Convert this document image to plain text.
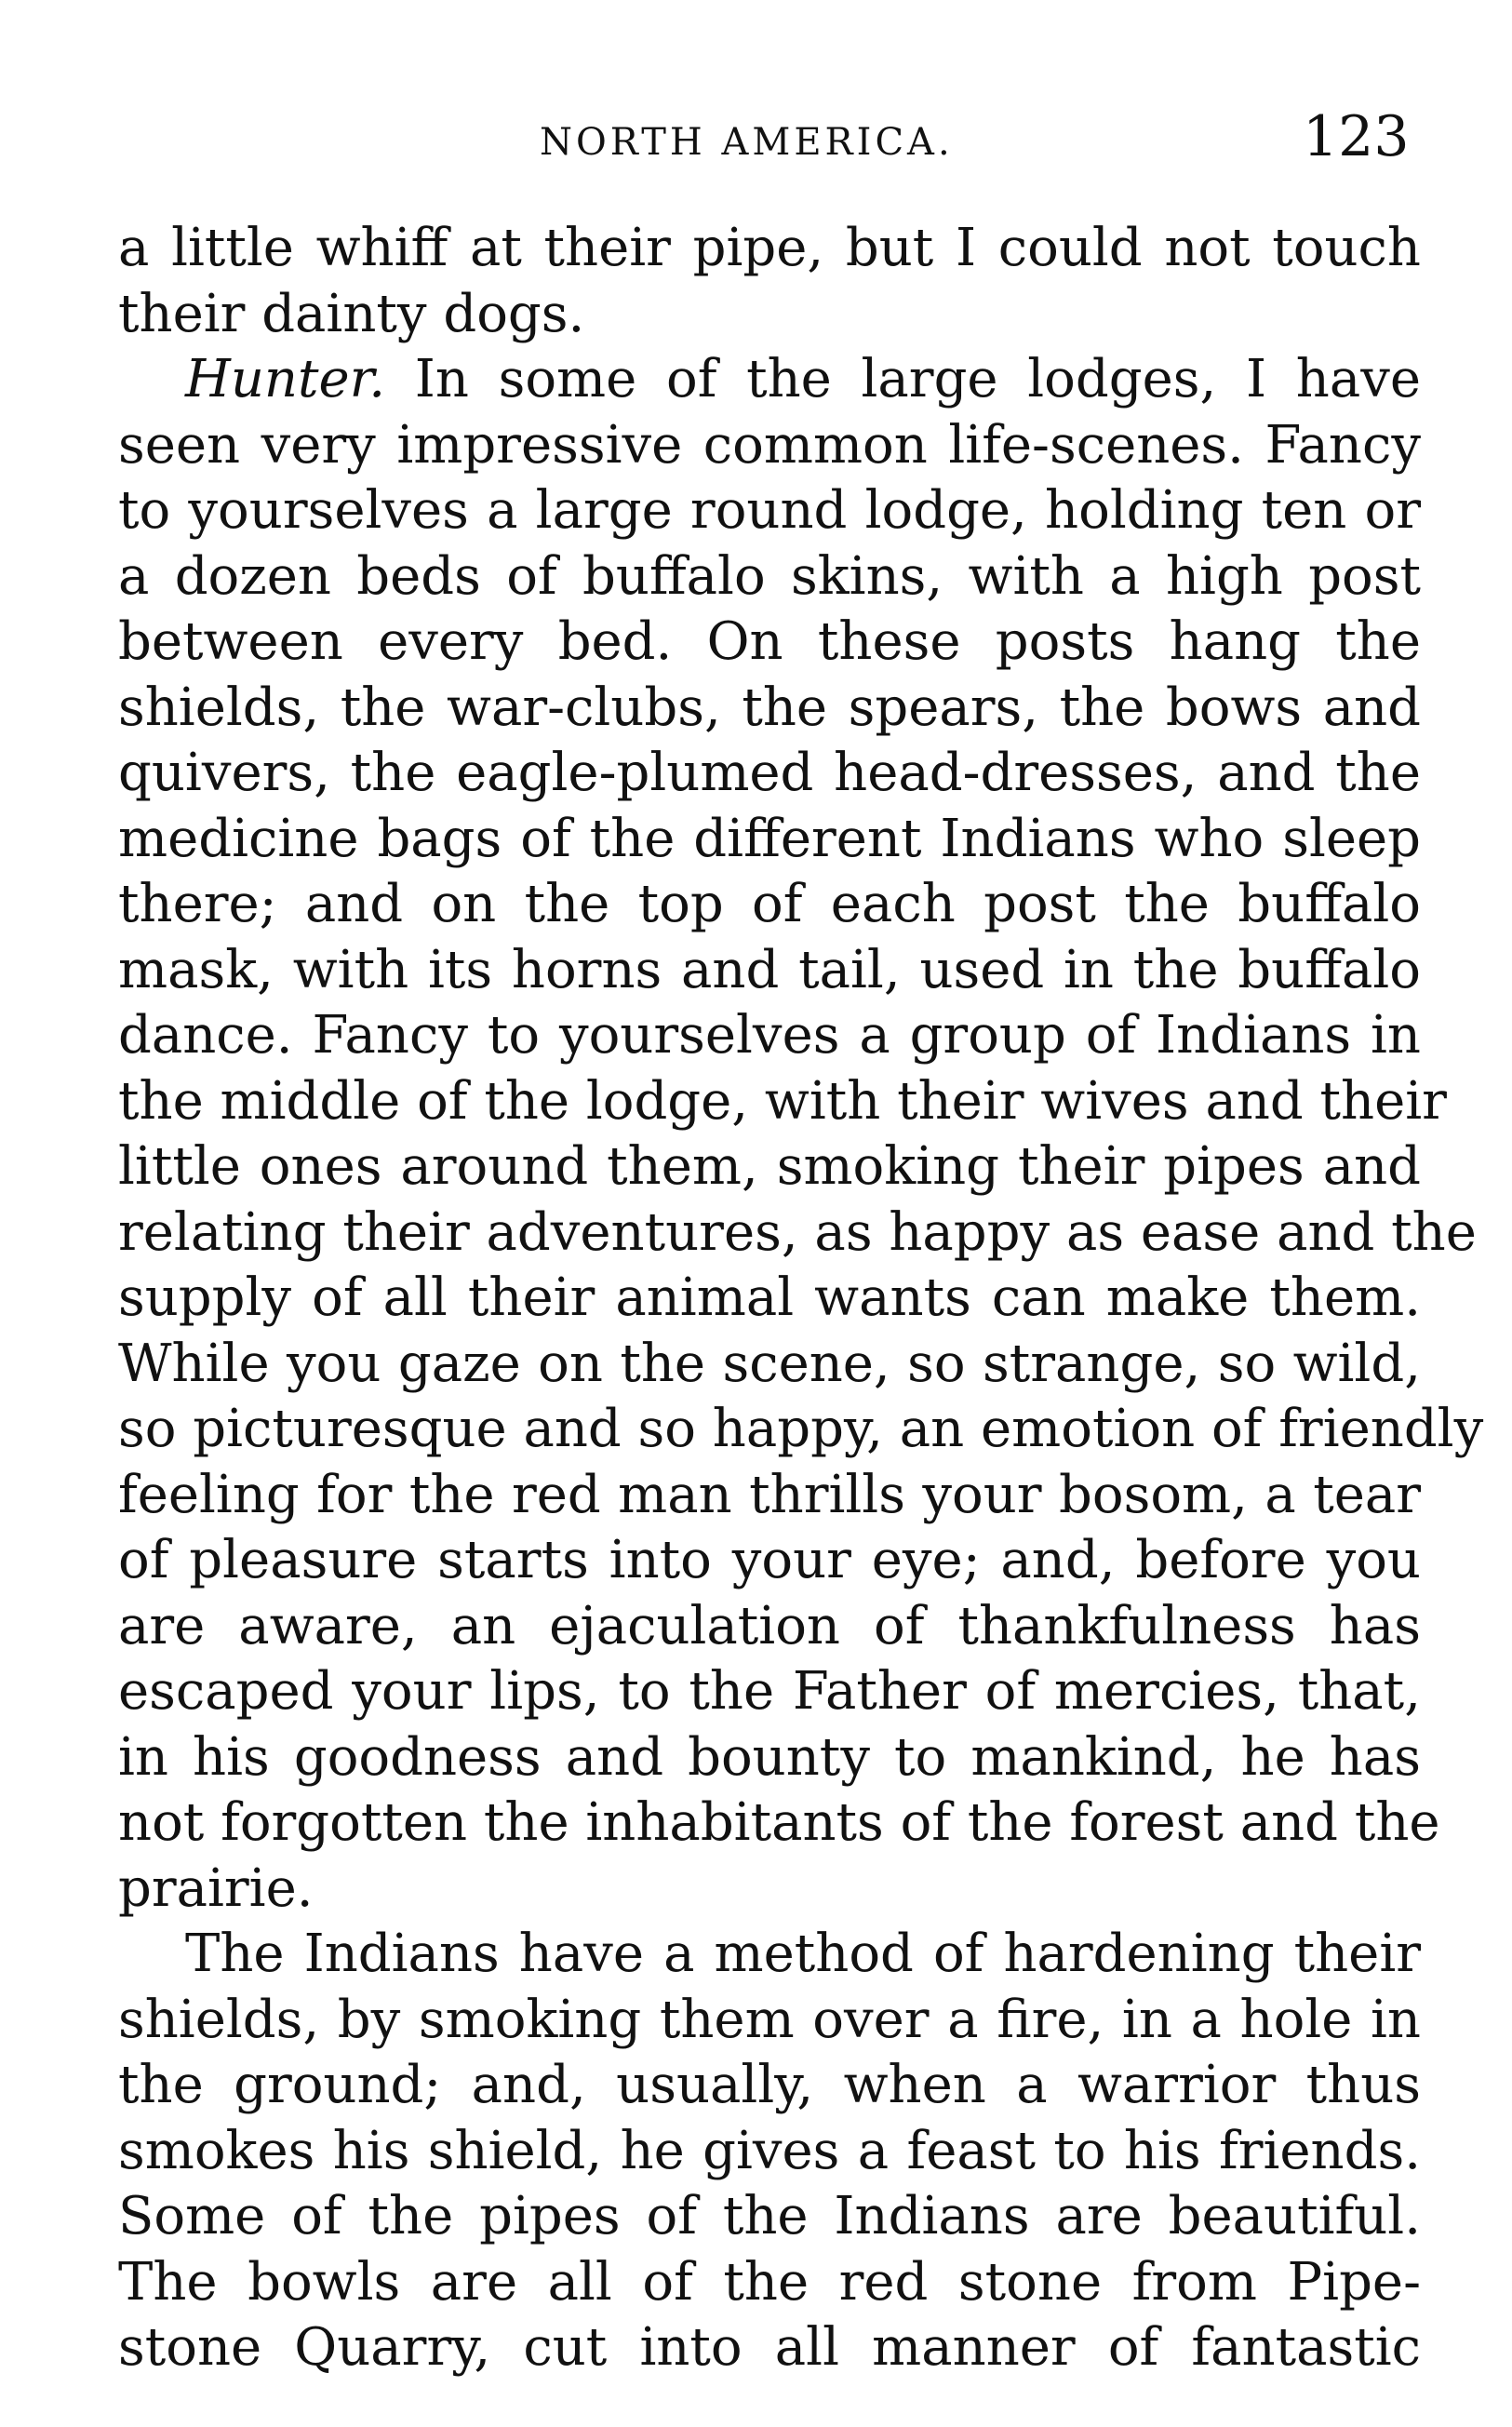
NORTH AMERICA.	123
a little whiff at their pipe, but I could not touch
their dainty dogs.
Hunter. In some of the large lodges, I have
seen very impressive common life-scenes. Fancy
to yourselves a large round lodge, holding ten or
a dozen beds of buffalo skins, with a high post
between every bed. On these posts hang the
shields, the war-clubs, the spears, the bows and
quivers, the eagle-plumed head-dresses, and the
medicine bags of the different Indians who sleep
there; and on the top of each post the buffalo
mask, with its horns and tail, used in the buffalo
dance. Fancy to yourselves a group of Indians in
the middle of the lodge, with their wives and their
little ones around them, smoking their pipes and
relating their adventures, as happy as ease and the
supply of all their animal wants can make them.
While you gaze on the scene, so strange, so wild,
so picturesque and so happy, an emotion of friendly
feeling for the red man thrills your bosom, a tear
of pleasure starts into your eye; and, before you
are aware, an ejaculation of thankfulness has
escaped your lips, to the Father of mercies, that,
in his goodness and bounty to mankind, he has
not forgotten the inhabitants of the forest and the
prairie.
The Indians have a method of hardening their
shields, by smoking them over a fire, in a hole in
the ground; and, usually, when a warrior thus
smokes his shield, he gives a feast to his friends.
Some of the pipes of the Indians are beautiful.
The bowls are all of the red stone from Pipe-
stone Quarry, cut into all manner of fantastic
